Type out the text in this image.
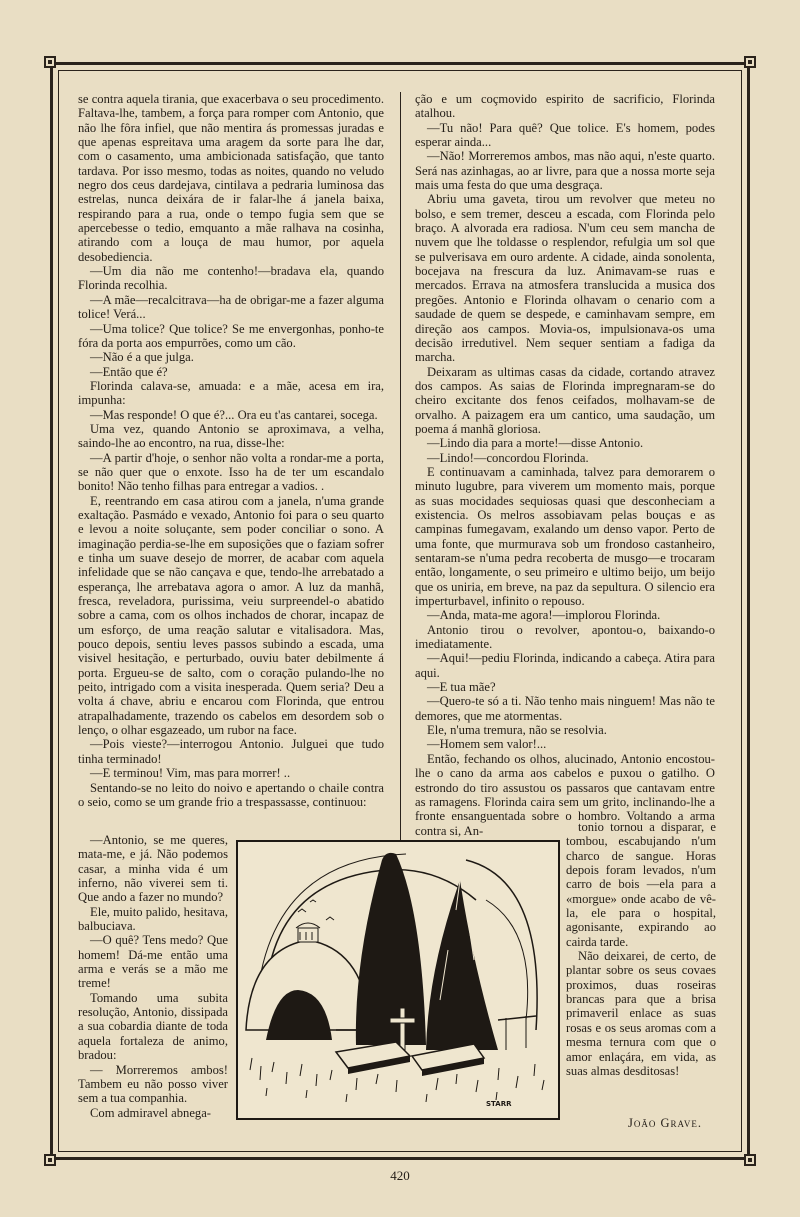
se contra aquela tirania, que exacerbava o seu procedimento. Faltava-lhe, tambem, a força para romper com Antonio, que não lhe fôra infiel, que não mentira ás promessas juradas e que apenas espreitava uma aragem da sorte para lhe dar, com o casamento, uma ambicionada satisfação, que tanto tardava. Por isso mesmo, todas as noites, quando no veludo negro dos ceus dardejava, cintilava a pedraria luminosa das estrelas, nunca deixára de ir falar-lhe á janela baixa, respirando para a rua, onde o tempo fugia sem que se apercebesse o tedio, emquanto a mãe ralhava na cosinha, atirando com a louça de mau humor, por aquela desobediencia.

—Um dia não me contenho!—bradava ela, quando Florinda recolhia.

—A mãe—recalcitrava—ha de obrigar-me a fazer alguma tolice! Verá...

—Uma tolice? Que tolice? Se me envergonhas, ponho-te fóra da porta aos empurrões, como um cão.

—Não é a que julga.

—Então que é?

Florinda calava-se, amuada: e a mãe, acesa em ira, impunha:

—Mas responde! O que é?... Ora eu t'as cantarei, socega.

Uma vez, quando Antonio se aproximava, a velha, saindo-lhe ao encontro, na rua, disse-lhe:

—A partir d'hoje, o senhor não volta a rondar-me a porta, se não quer que o enxote. Isso ha de ter um escandalo bonito! Não tenho filhas para entregar a vadios. .

E, reentrando em casa atirou com a janela, n'uma grande exaltação. Pasmádo e vexado, Antonio foi para o seu quarto e levou a noite soluçante, sem poder conciliar o sono. A imaginação perdia-se-lhe em suposições que o faziam sofrer e tinha um suave desejo de morrer, de acabar com aquela infelidade que se não cançava e que, tendo-lhe arrebatado a esperança, lhe arrebatava agora o amor. A luz da manhã, fresca, reveladora, purissima, veiu surpreendel-o abatido sobre a cama, com os olhos inchados de chorar, incapaz de um esforço, de uma reação salutar e vitalisadora. Mas, pouco depois, sentiu leves passos subindo a escada, uma visivel hesitação, e perturbado, ouviu bater debilmente á porta. Ergueu-se de salto, com o coração pulando-lhe no peito, intrigado com a visita inesperada. Quem seria? Deu a volta á chave, abriu e encarou com Florinda, que entrou atrapalhadamente, trazendo os cabelos em desordem sob o lenço, o olhar esgazeado, um rubor na face.

—Pois vieste?—interrogou Antonio. Julguei que tudo tinha terminado!

—E terminou! Vim, mas para morrer! ..

Sentando-se no leito do noivo e apertando o chaile contra o seio, como se um grande frio a trespassasse, continuou:

ção e um coçmovido espirito de sacrificio, Florinda atalhou.

—Tu não! Para quê? Que tolice. E's homem, podes esperar ainda...

—Não! Morreremos ambos, mas não aqui, n'este quarto. Será nas azinhagas, ao ar livre, para que a nossa morte seja mais uma festa do que uma desgraça.

Abriu uma gaveta, tirou um revolver que meteu no bolso, e sem tremer, desceu a escada, com Florinda pelo braço. A alvorada era radiosa. N'um ceu sem mancha de nuvem que lhe toldasse o resplendor, refulgia um sol que se pulverisava em ouro ardente. A cidade, ainda sonolenta, bocejava na frescura da luz. Animavam-se ruas e mercados. Errava na atmosfera translucida a musica dos pregões. Antonio e Florinda olhavam o cenario com a saudade de quem se despede, e caminhavam sempre, em direção aos campos. Movia-os, impulsionava-os uma decisão irredutivel. Nem sequer sentiam a fadiga da marcha.

Deixaram as ultimas casas da cidade, cortando atravez dos campos. As saias de Florinda impregnaram-se do cheiro excitante dos fenos ceifados, molhavam-se de orvalho. A paizagem era um cantico, uma saudação, um poema á manhã gloriosa.

—Lindo dia para a morte!—disse Antonio.

—Lindo!—concordou Florinda.

E continuavam a caminhada, talvez para demorarem o minuto lugubre, para viverem um momento mais, porque as suas mocidades sequiosas quasi que desconheciam a existencia. Os melros assobiavam pelas bouças e as campinas fumegavam, exalando um denso vapor. Perto de uma fonte, que murmurava sob um frondoso castanheiro, sentaram-se n'uma pedra recoberta de musgo—e trocaram então, longamente, o seu primeiro e ultimo beijo, um beijo que os uniria, em breve, na paz da sepultura. O silencio era imperturbavel, infinito o repouso.

—Anda, mata-me agora!—implorou Florinda.

Antonio tirou o revolver, apontou-o, baixando-o imediatamente.

—Aqui!—pediu Florinda, indicando a cabeça. Atira para aqui.

—E tua mãe?

—Quero-te só a ti. Não tenho mais ninguem! Mas não te demores, que me atormentas.

Ele, n'uma tremura, não se resolvia.

—Homem sem valor!...

Então, fechando os olhos, alucinado, Antonio encostou-lhe o cano da arma aos cabelos e puxou o gatilho. O estrondo do tiro assustou os passaros que cantavam entre as ramagens. Florinda caira sem um grito, inclinando-lhe a fronte ensanguentada sobre o hombro. Voltando a arma contra si, An-

—Antonio, se me queres, mata-me, e já. Não podemos casar, a minha vida é um inferno, não viverei sem ti. Que ando a fazer no mundo?

Ele, muito palido, hesitava, balbuciava.

—O quê? Tens medo? Que homem! Dá-me então uma arma e verás se a mão me treme!

Tomando uma subita resolução, Antonio, dissipada a sua cobardia diante de toda aquela fortaleza de animo, bradou:

— Morreremos ambos! Tambem eu não posso viver sem a tua companhia.

Com admiravel abnega-

STARR

tonio tornou a disparar, e tombou, escabujando n'um charco de sangue. Horas depois foram levados, n'um carro de bois —ela para a «morgue» onde acabo de vê-la, ele para o hospital, agonisante, expirando ao cairda tarde.

Não deixarei, de certo, de plantar sobre os seus covaes proximos, duas roseiras brancas para que a brisa primaveril enlace as suas rosas e os seus aromas com a mesma ternura com que o amor enlaçára, em vida, as suas almas desditosas!

João Grave.
420
